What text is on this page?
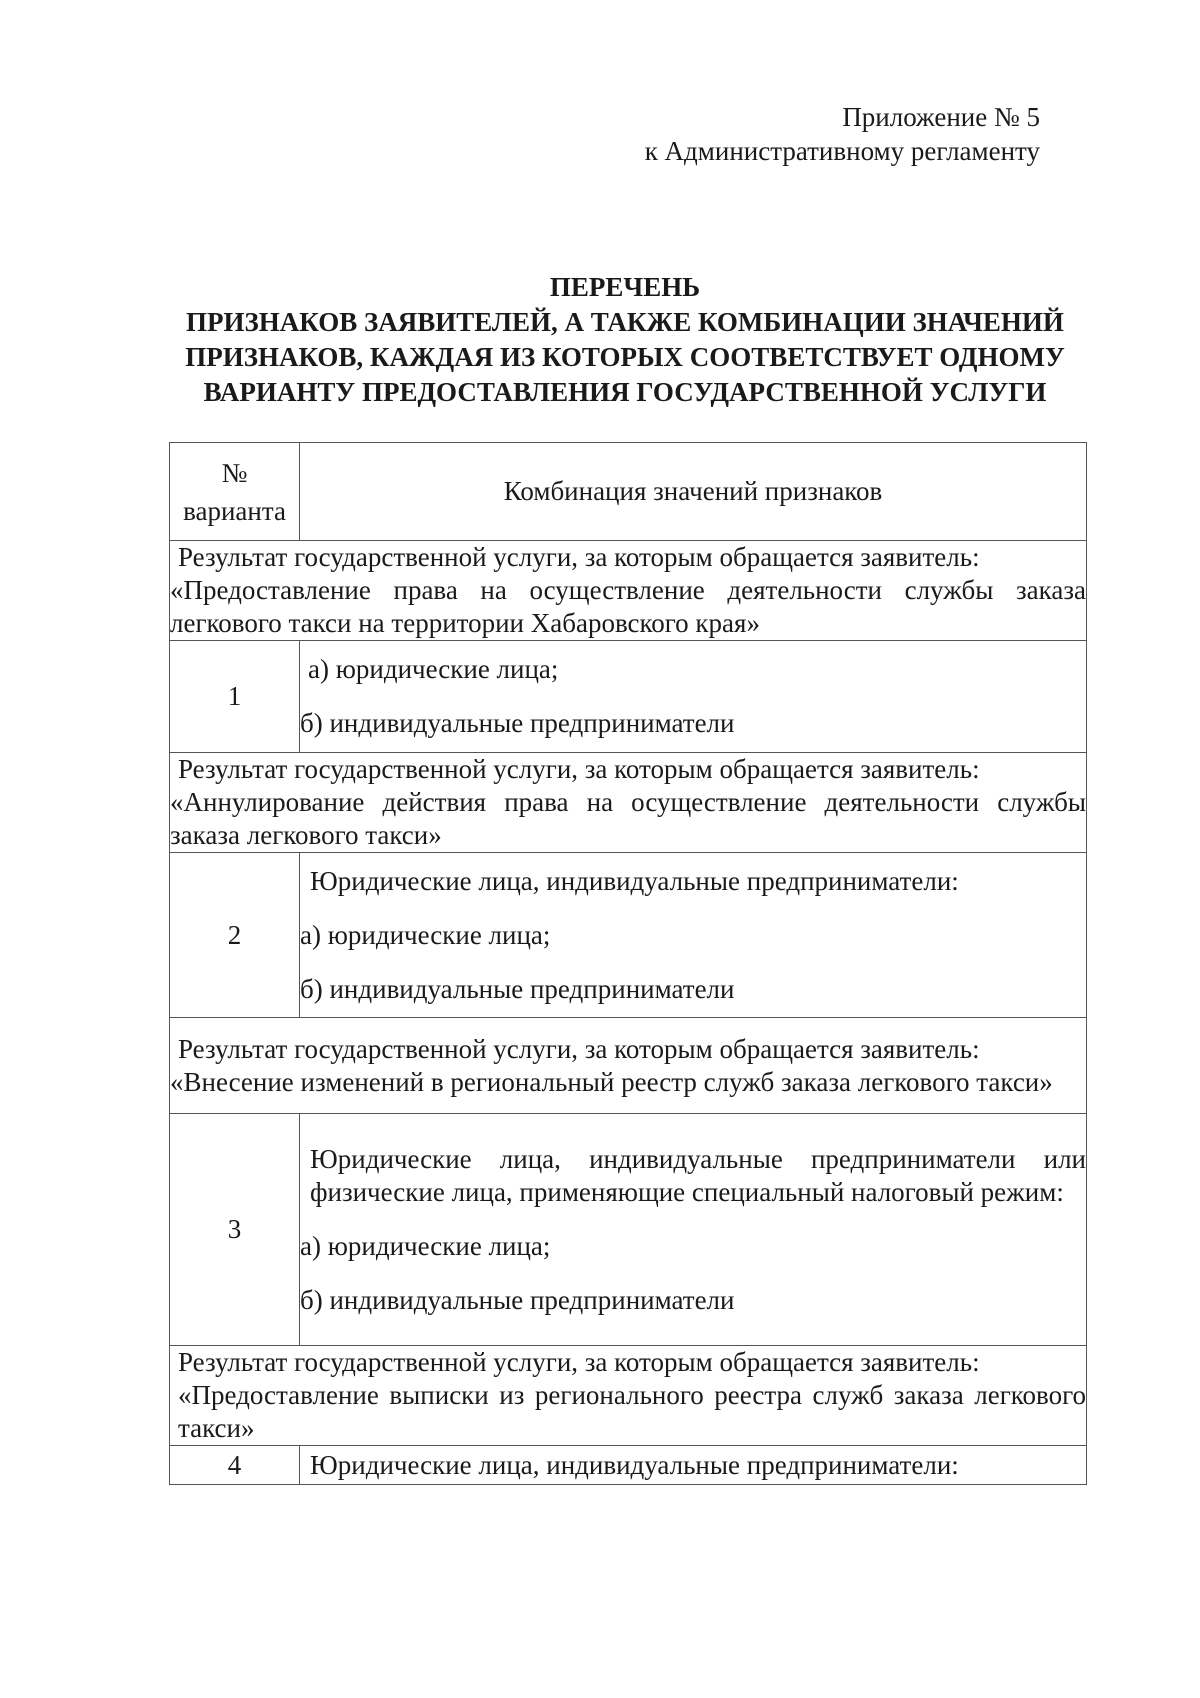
Приложение № 5
к Административному регламенту
ПЕРЕЧЕНЬ
ПРИЗНАКОВ ЗАЯВИТЕЛЕЙ, А ТАКЖЕ КОМБИНАЦИИ ЗНАЧЕНИЙ
ПРИЗНАКОВ, КАЖДАЯ ИЗ КОТОРЫХ СООТВЕТСТВУЕТ ОДНОМУ
ВАРИАНТУ ПРЕДОСТАВЛЕНИЯ ГОСУДАРСТВЕННОЙ УСЛУГИ
№
варианта	Комбинация значений признаков

Результат государственной услуги, за которым обращается заявитель:
«Предоставление права на осуществление деятельности службы заказа легкового такси на территории Хабаровского края»	

1	а) юридические лица;
б) индивидуальные предприниматели

Результат государственной услуги, за которым обращается заявитель:
«Аннулирование действия права на осуществление деятельности службы заказа легкового такси»	

2	Юридические лица, индивидуальные предприниматели:
а) юридические лица;
б) индивидуальные предприниматели

Результат государственной услуги, за которым обращается заявитель:
«Внесение изменений в региональный реестр служб заказа легкового такси»	

3	Юридические лица, индивидуальные предприниматели или физические лица, применяющие специальный налоговый режим:
а) юридические лица;
б) индивидуальные предприниматели

Результат государственной услуги, за которым обращается заявитель:
«Предоставление выписки из регионального реестра служб заказа легкового такси»	

4	Юридические лица, индивидуальные предприниматели:
